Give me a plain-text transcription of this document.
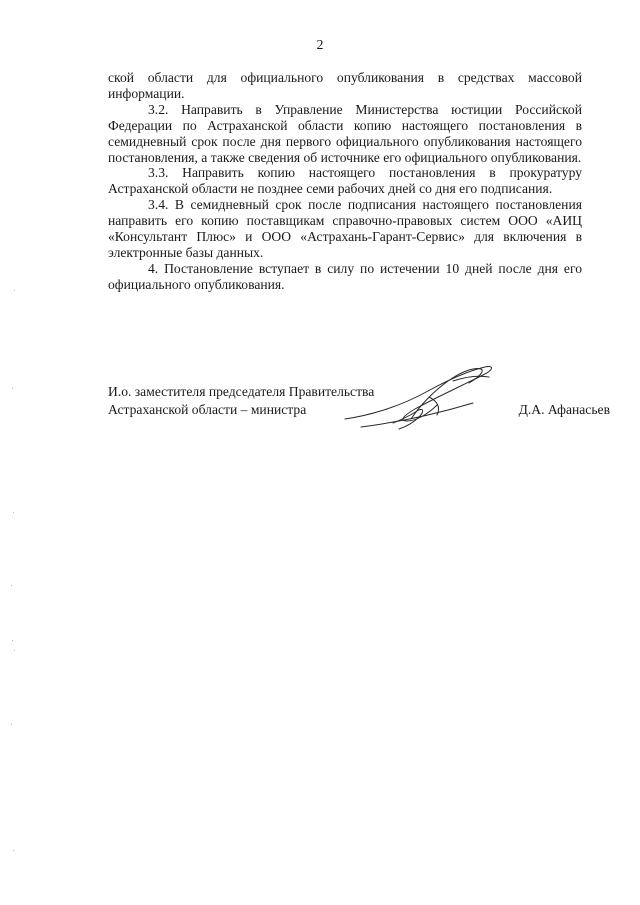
2

ской области для официального опубликования в средствах массовой информации.

3.2. Направить в Управление Министерства юстиции Российской Федерации по Астраханской области копию настоящего постановления в семидневный срок после дня первого официального опубликования настоящего постановления, а также сведения об источнике его официального опубликования.

3.3. Направить копию настоящего постановления в прокуратуру Астраханской области не позднее семи рабочих дней со дня его подписания.

3.4. В семидневный срок после подписания настоящего постановления направить его копию поставщикам справочно-правовых систем ООО «АИЦ «Консультант Плюс» и ООО «Астрахань-Гарант-Сервис» для включения в электронные базы данных.

4. Постановление вступает в силу по истечении 10 дней после дня его официального опубликования.

И.о. заместителя председателя Правительства
Астраханской области – министра	Д.А. Афанасьев
